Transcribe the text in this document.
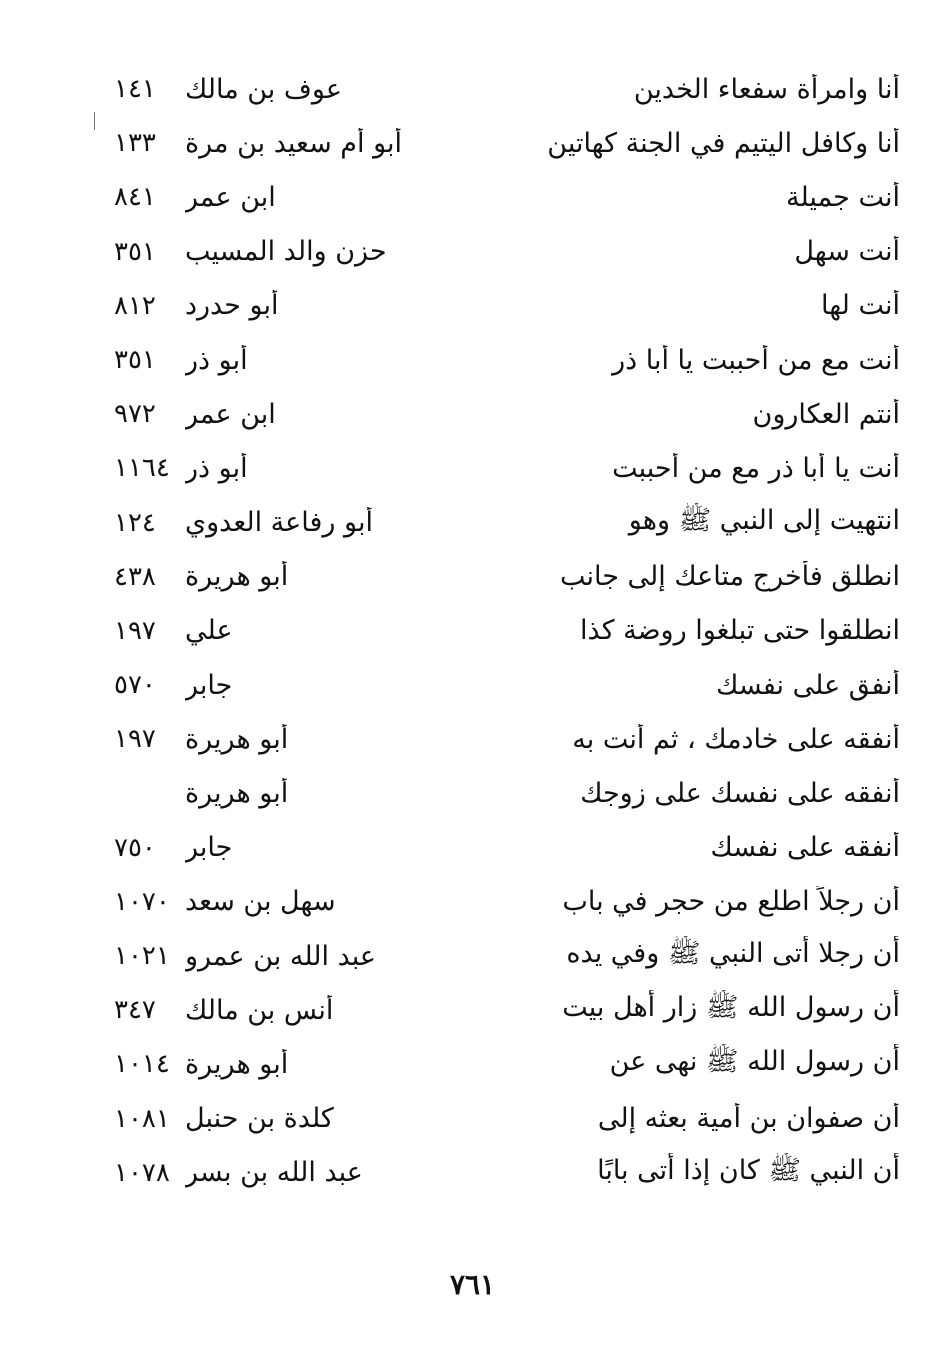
أنا وامرأة سفعاء الخدين
عوف بن مالك
١٤١
أنا وكافل اليتيم في الجنة كهاتين
أبو أم سعيد بن مرة
١٣٣
أنت جميلة
ابن عمر
٨٤١
أنت سهل
حزن والد المسيب
٣٥١
أنت لها
أبو حدرد
٨١٢
أنت مع من أحببت يا أبا ذر
أبو ذر
٣٥١
أنتم العكارون
ابن عمر
٩٧٢
أنت يا أبا ذر مع من أحببت
أبو ذر
١١٦٤
انتهيت إلى النبي ﷺ وهو
أبو رفاعة العدوي
١٢٤
انطلق فأخرج متاعك إلى جانب
أبو هريرة
٤٣٨
انطلقوا حتى تبلغوا روضة كذا
علي
١٩٧
أنفق على نفسك
جابر
٥٧٠
أنفقه على خادمك ، ثم أنت به
أبو هريرة
١٩٧
أنفقه على نفسك على زوجك
أبو هريرة
أنفقه على نفسك
جابر
٧٥٠
أن رجلاً اطلع من حجر في باب
سهل بن سعد
١٠٧٠
أن رجلا أتى النبي ﷺ وفي يده
عبد الله بن عمرو
١٠٢١
أن رسول الله ﷺ زار أهل بيت
أنس بن مالك
٣٤٧
أن رسول الله ﷺ نهى عن
أبو هريرة
١٠١٤
أن صفوان بن أمية بعثه إلى
كلدة بن حنبل
١٠٨١
أن النبي ﷺ كان إذا أتى بابًا
عبد الله بن بسر
١٠٧٨
٧٦١
